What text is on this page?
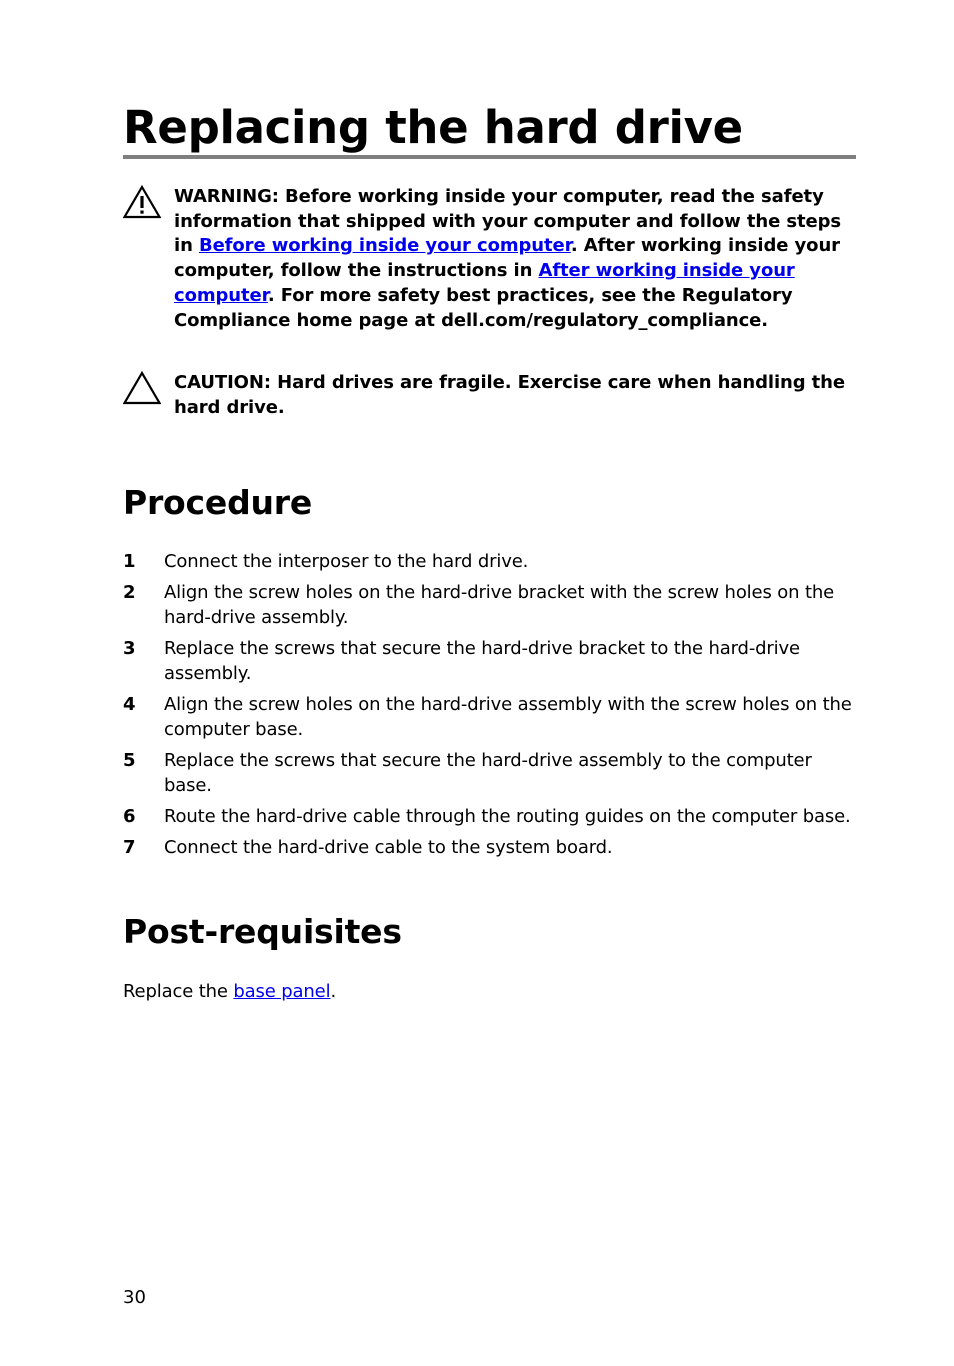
Replacing the hard drive
WARNING: Before working inside your computer, read the safety information that shipped with your computer and follow the steps in Before working inside your computer. After working inside your computer, follow the instructions in After working inside your computer. For more safety best practices, see the Regulatory Compliance home page at dell.com/regulatory_compliance.
CAUTION: Hard drives are fragile. Exercise care when handling the hard drive.
Procedure
1	Connect the interposer to the hard drive.
2	Align the screw holes on the hard-drive bracket with the screw holes on the hard-drive assembly.
3	Replace the screws that secure the hard-drive bracket to the hard-drive assembly.
4	Align the screw holes on the hard-drive assembly with the screw holes on the computer base.
5	Replace the screws that secure the hard-drive assembly to the computer base.
6	Route the hard-drive cable through the routing guides on the computer base.
7	Connect the hard-drive cable to the system board.
Post-requisites
Replace the base panel.
30
